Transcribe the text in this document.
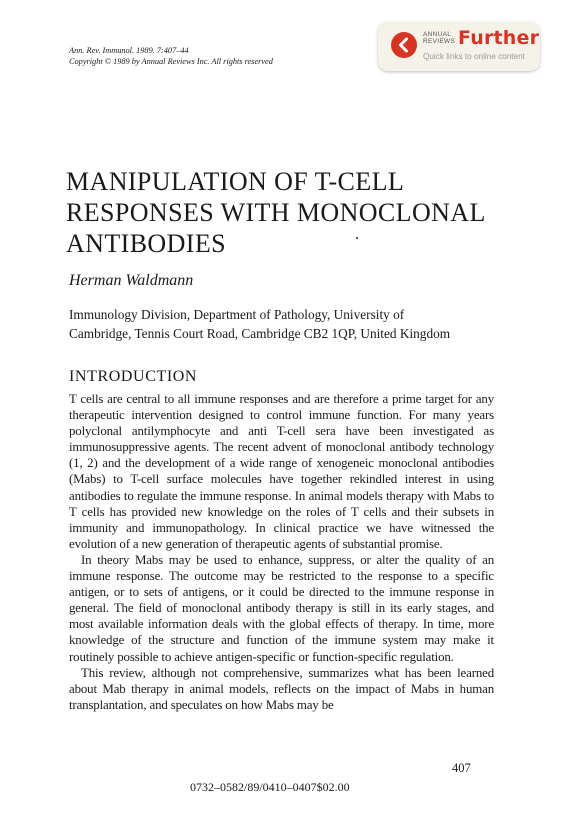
Ann. Rev. Immunol. 1989. 7:407–44
Copyright © 1989 by Annual Reviews Inc. All rights reserved
ANNUAL
REVIEWS Further
Quick links to online content
MANIPULATION OF T-CELL
RESPONSES WITH MONOCLONAL
ANTIBODIES
Herman Waldmann
Immunology Division, Department of Pathology, University of
Cambridge, Tennis Court Road, Cambridge CB2 1QP, United Kingdom
INTRODUCTION

T cells are central to all immune responses and are therefore a prime target for any therapeutic intervention designed to control immune function. For many years polyclonal antilymphocyte and anti T-cell sera have been investigated as immunosuppressive agents. The recent advent of monoclonal antibody technology (1, 2) and the development of a wide range of xenogeneic monoclonal antibodies (Mabs) to T-cell surface molecules have together rekindled interest in using antibodies to regulate the immune response. In animal models therapy with Mabs to T cells has provided new knowledge on the roles of T cells and their subsets in immunity and immunopathology. In clinical practice we have witnessed the evolution of a new generation of therapeutic agents of substantial promise.

In theory Mabs may be used to enhance, suppress, or alter the quality of an immune response. The outcome may be restricted to the response to a specific antigen, or to sets of antigens, or it could be directed to the immune response in general. The field of monoclonal antibody therapy is still in its early stages, and most available information deals with the global effects of therapy. In time, more knowledge of the structure and function of the immune system may make it routinely possible to achieve antigen-specific or function-specific regulation.

This review, although not comprehensive, summarizes what has been learned about Mab therapy in animal models, reflects on the impact of Mabs in human transplantation, and speculates on how Mabs may be

407
0732–0582/89/0410–0407$02.00
